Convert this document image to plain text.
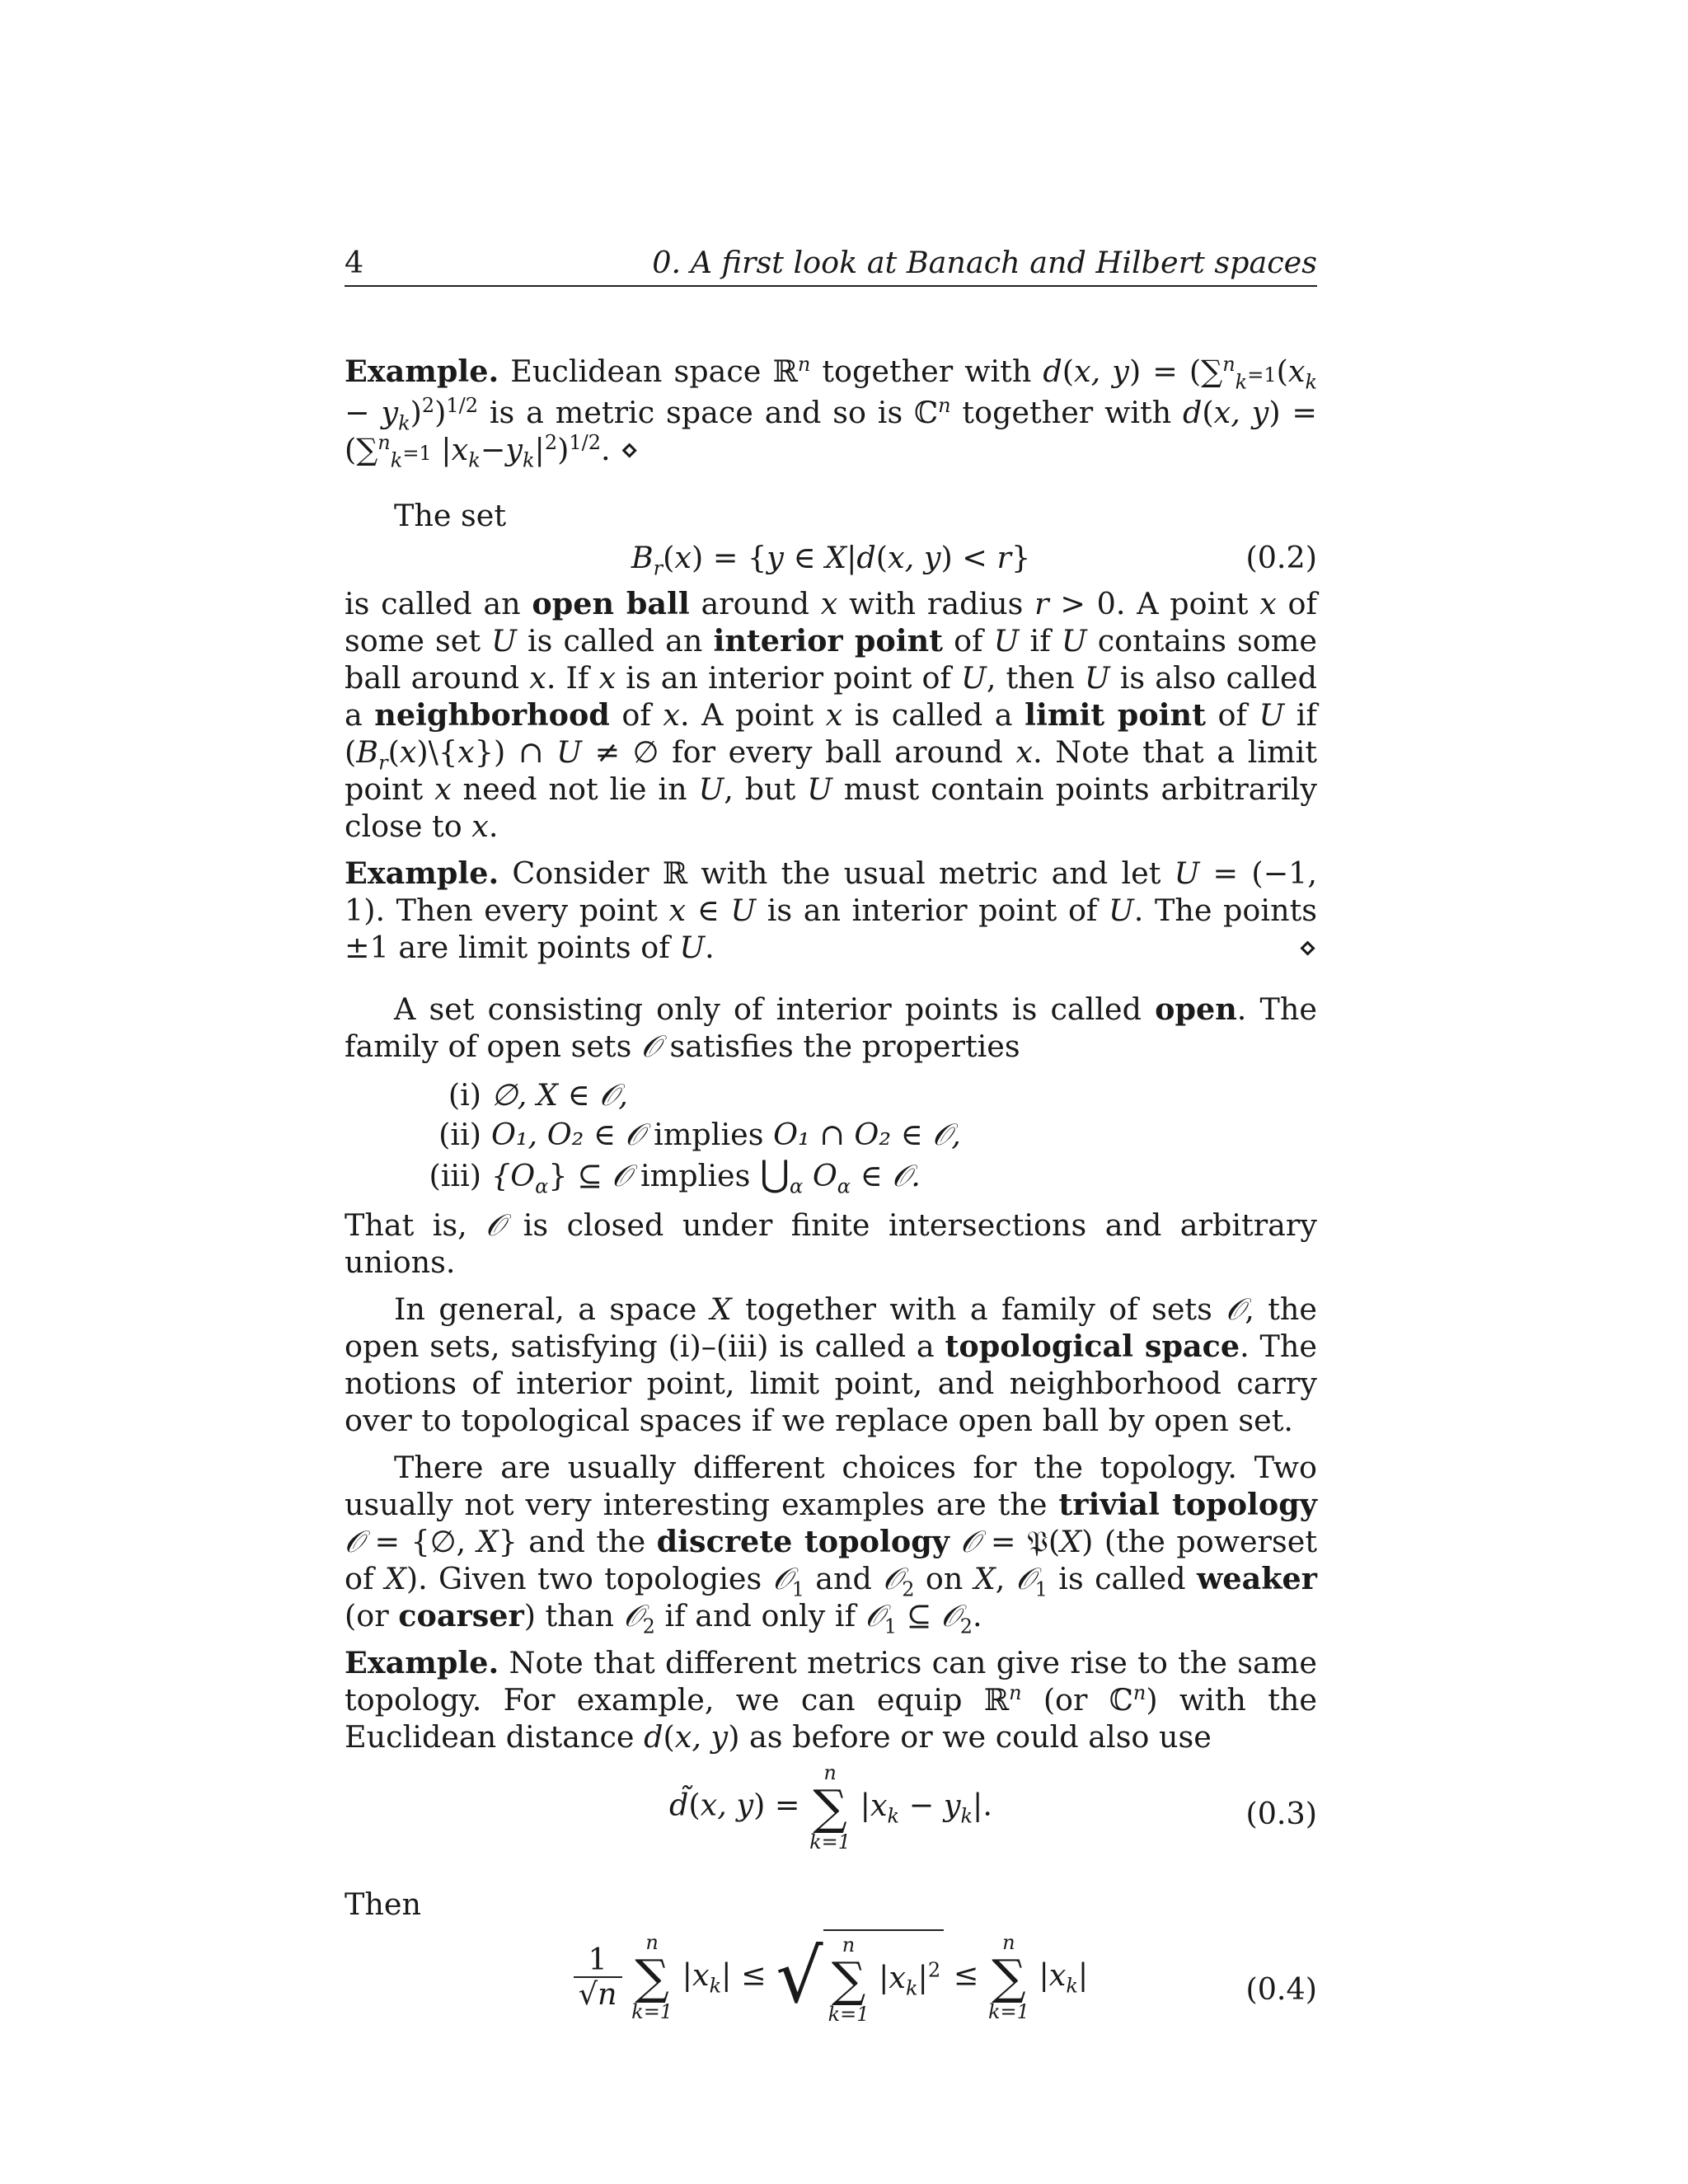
4	0. A first look at Banach and Hilbert spaces

Example. Euclidean space ℝ$^n$ together with d(x, $y) = (\sum^n_k=1(x_k - y_k)^2)^{1/2}$ is a metric space and so is ℂ$^n$ together with d(x, y) = (∑$^n_k$=1 $|x_k-y_k|^2)^{1/2}$. ⋄

The set

$B_r(x) = \{y$ ∈ X|d(x, y) < r}	(0.2)

is called an open ball around x with radius r > 0. A point x of some set U is called an interior point of U if U contains some ball around x. If x is an interior point of U, then U is also called a neighborhood of x. A point x is called a limit point of U if $(B_r(x)\backslash\{x\})$ ∩ U ≠ ∅ for every ball around x. Note that a limit point x need not lie in U, but U must contain points arbitrarily close to x.

Example. Consider ℝ with the usual metric and let U = (−1, 1). Then every point x ∈ U is an interior point of U. The points ±1 are limit points of U.	⋄

A set consisting only of interior points is called open. The family of open sets 𝒪 satisfies the properties

(i) ∅, X ∈ 𝒪,
(ii) O₁, O₂ ∈ 𝒪 implies O₁ ∩ O₂ ∈ 𝒪,
(iii) $\{O_\alpha\}$ ⊆ 𝒪 implies $⋃_\alpha$ $O_\alpha$ ∈ 𝒪.

That is, 𝒪 is closed under finite intersections and arbitrary unions.

In general, a space X together with a family of sets 𝒪, the open sets, satisfying (i)–(iii) is called a topological space. The notions of interior point, limit point, and neighborhood carry over to topological spaces if we replace open ball by open set.

There are usually different choices for the topology. Two usually not very interesting examples are the trivial topology 𝒪 = {∅, X} and the discrete topology 𝒪 = 𝔓(X) (the powerset of X). Given two topologies 𝒪$_1$ and 𝒪$_2$ on X, 𝒪$_1$ is called weaker (or coarser) than 𝒪$_2$ if and only if 𝒪$_1$ ⊆ 𝒪$_2$.

Example. Note that different metrics can give rise to the same topology. For example, we can equip ℝ$^n$ (or ℂ$^n$) with the Euclidean distance d(x, y) as before or we could also use

d̃(x, y) =
n
∑
k=1
$|x_k - y_k|$.	(0.3)

Then

$\frac{1}{√n}$

n
∑
k=1
$|x_k|$ ≤ √ n
∑
k=1
$|x_k|^2$ ≤
n
∑
k=1
$|x_k|$	(0.4)
